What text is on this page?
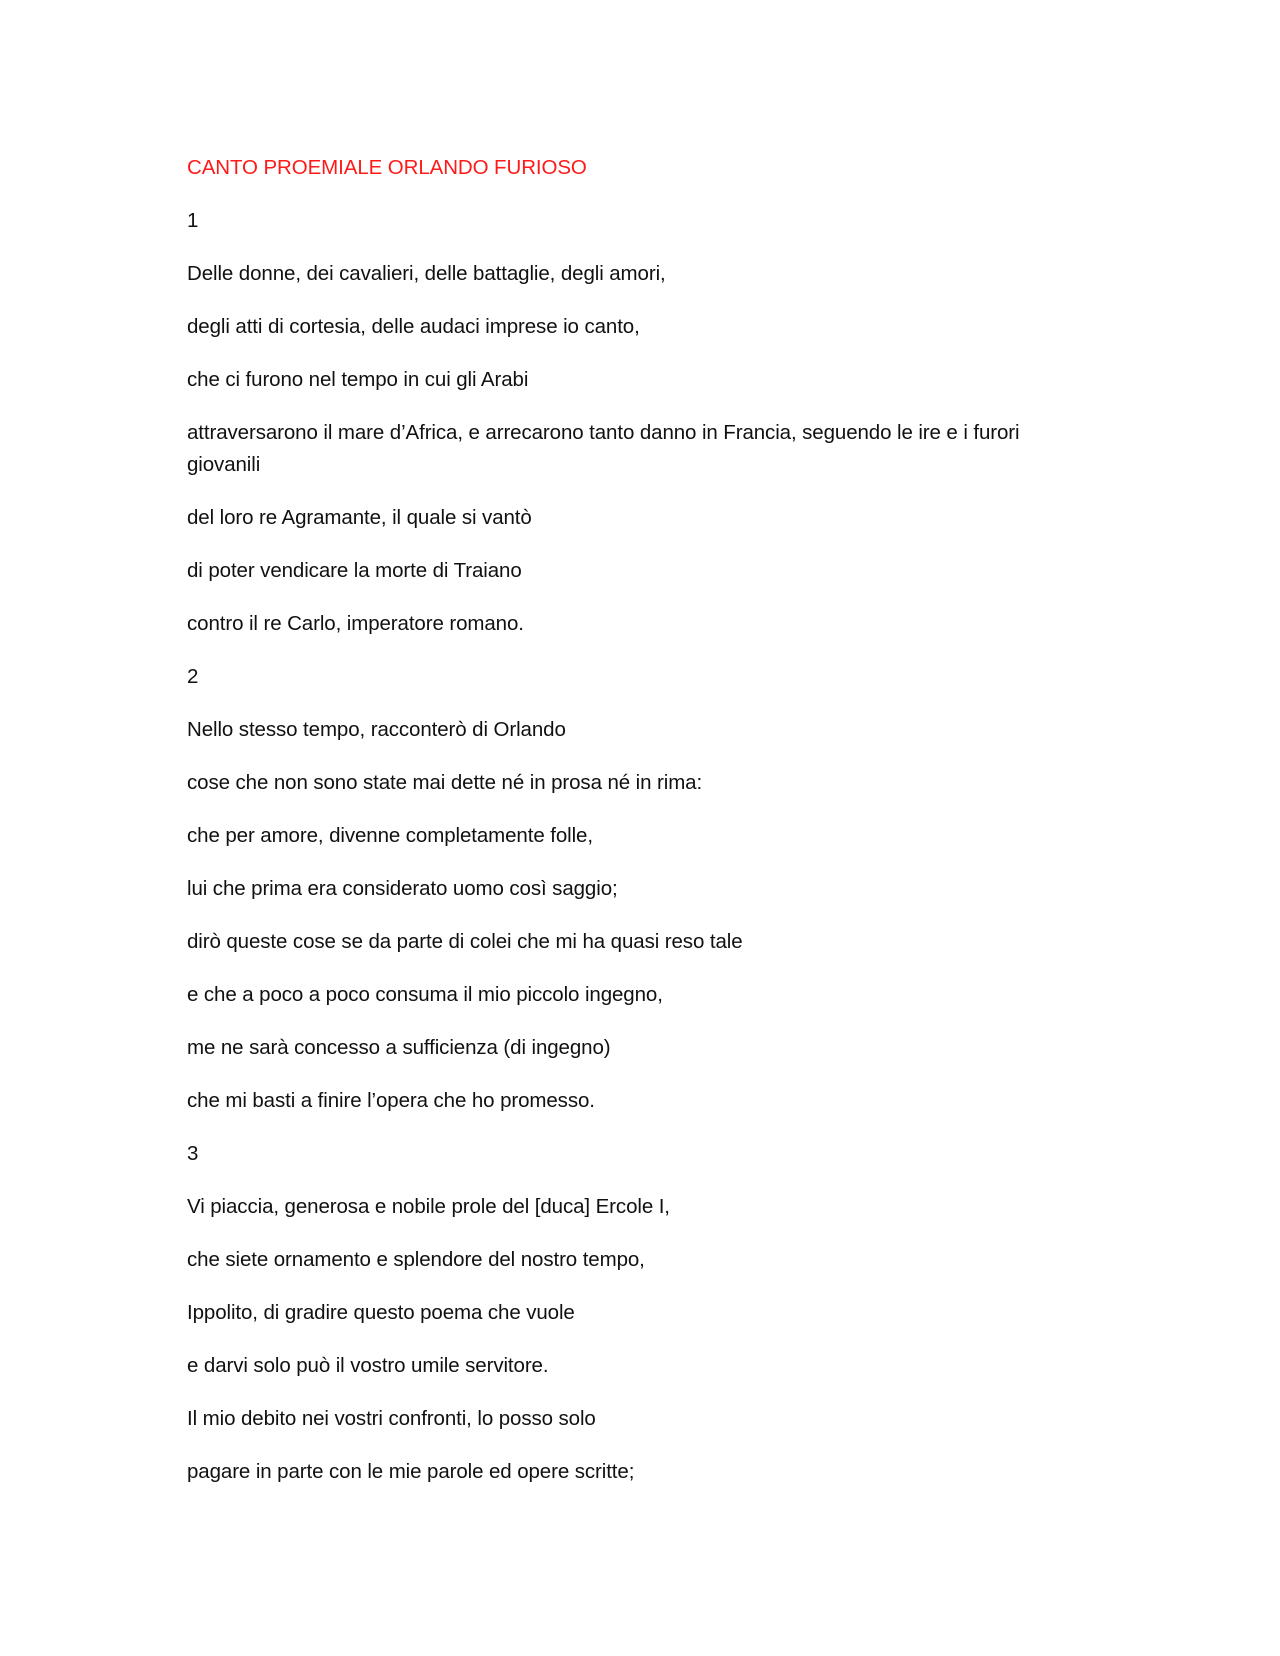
CANTO PROEMIALE ORLANDO FURIOSO

1

Delle donne, dei cavalieri, delle battaglie, degli amori,

degli atti di cortesia, delle audaci imprese io canto,

che ci furono nel tempo in cui gli Arabi

attraversarono il mare d’Africa, e arrecarono tanto danno in Francia, seguendo le ire e i furori giovanili

del loro re Agramante, il quale si vantò

di poter vendicare la morte di Traiano

contro il re Carlo, imperatore romano.

2

Nello stesso tempo, racconterò di Orlando

cose che non sono state mai dette né in prosa né in rima:

che per amore, divenne completamente folle,

lui che prima era considerato uomo così saggio;

dirò queste cose se da parte di colei che mi ha quasi reso tale

e che a poco a poco consuma il mio piccolo ingegno,

me ne sarà concesso a sufficienza (di ingegno)

che mi basti a finire l’opera che ho promesso.

3

Vi piaccia, generosa e nobile prole del [duca] Ercole I,

che siete ornamento e splendore del nostro tempo,

Ippolito, di gradire questo poema che vuole

e darvi solo può il vostro umile servitore.

Il mio debito nei vostri confronti, lo posso solo

pagare in parte con le mie parole ed opere scritte;
